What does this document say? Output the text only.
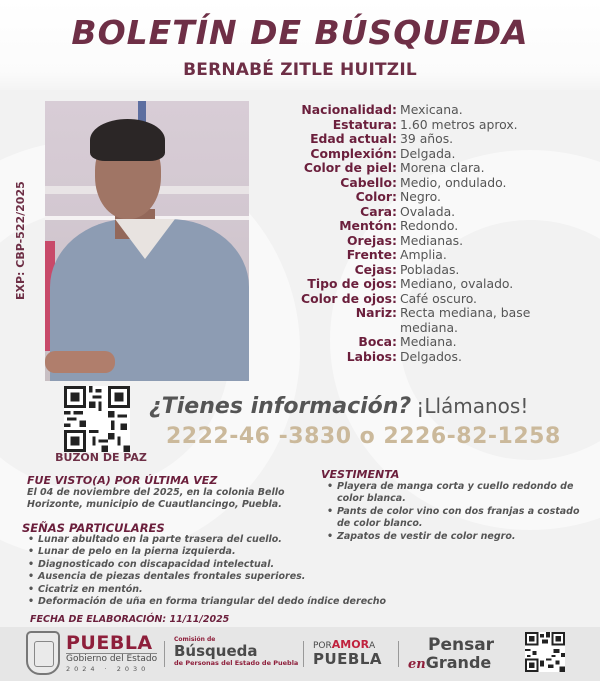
BOLETÍN DE BÚSQUEDA
BERNABÉ ZITLE HUITZIL
EXP: CBP-522/2025
Nacionalidad: Mexicana.
Estatura: 1.60 metros aprox.
Edad actual: 39 años.
Complexión: Delgada.
Color de piel: Morena clara.
Cabello: Medio, ondulado.
Color: Negro.
Cara: Ovalada.
Mentón: Redondo.
Orejas: Medianas.
Frente: Amplia.
Cejas: Pobladas.
Tipo de ojos: Mediano, ovalado.
Color de ojos: Café oscuro.
Nariz: Recta mediana, base mediana.
Boca: Mediana.
Labios: Delgados.
BUZON DE PAZ
¿Tienes información? ¡Llámanos!
2222-46 -3830 o 2226-82-1258
FUE VISTO(A) POR ÚLTIMA VEZ
El 04 de noviembre del 2025, en la colonia Bello Horizonte, municipio de Cuautlancingo, Puebla.
SEÑAS PARTICULARES
• Lunar abultado en la parte trasera del cuello.
• Lunar de pelo en la pierna izquierda.
• Diagnosticado con discapacidad intelectual.
• Ausencia de piezas dentales frontales superiores.
• Cicatriz en mentón.
• Deformación de uña en forma triangular del dedo índice derecho
VESTIMENTA
• Playera de manga corta y cuello redondo de color blanca.
• Pants de color vino con dos franjas a costado de color blanco.
• Zapatos de vestir de color negro.
FECHA DE ELABORACIÓN: 11/11/2025
PUEBLA
Gobierno del Estado
2024 · 2030
Comisión de
Búsqueda
de Personas del Estado de Puebla
PORAMORA
PUEBLA
Pensar
enGrande
